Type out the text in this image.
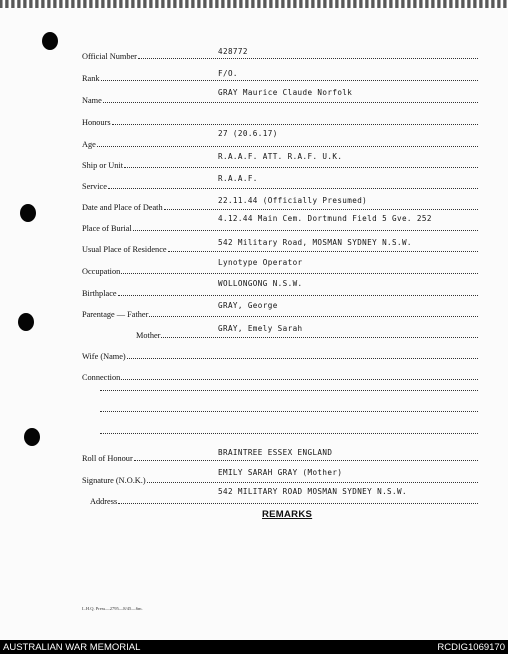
Official Number
428772
Rank
F/O.
Name
GRAY Maurice Claude Norfolk
Honours
Age
27 (20.6.17)
Ship or Unit
R.A.A.F. ATT. R.A.F. U.K.
Service
R.A.A.F.
Date and Place of Death
22.11.44 (Officially Presumed)
Place of Burial
4.12.44 Main Cem. Dortmund Field 5 Gve. 252
Usual Place of Residence
542 Military Road, MOSMAN SYDNEY N.S.W.
Occupation
Lynotype Operator
Birthplace
WOLLONGONG N.S.W.
Parentage — Father
GRAY, George
Mother
GRAY, Emely Sarah
Wife (Name)
Connection
Roll of Honour
BRAINTREE ESSEX ENGLAND
Signature (N.O.K.)
EMILY SARAH GRAY (Mother)
Address
542 MILITARY ROAD MOSMAN SYDNEY N.S.W.
REMARKS
L.H.Q. Press—2795—8/45—6m.
AUSTRALIAN WAR MEMORIAL	RCDIG1069170
